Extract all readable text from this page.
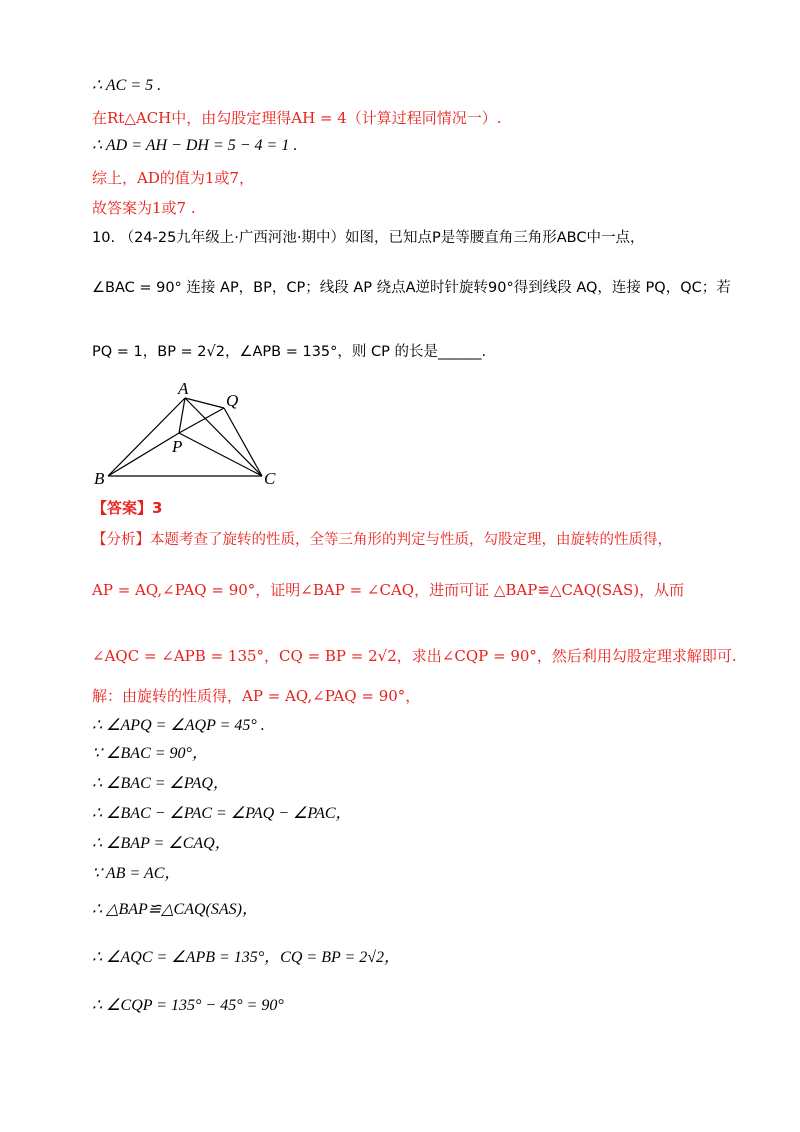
∴ AC = 5 .
在Rt△ACH中，由勾股定理得AH = 4（计算过程同情况一）.
∴ AD = AH − DH = 5 − 4 = 1 .
综上，AD的值为1或7，
故答案为1或7 .
10. （24-25九年级上·广西河池·期中）如图，已知点P是等腰直角三角形ABC中一点，
∠BAC = 90° 连接 AP，BP，CP；线段 AP 绕点A逆时针旋转90°得到线段 AQ，连接 PQ，QC；若
PQ = 1，BP = 2√2，∠APB = 135°，则 CP 的长是______.
A
Q
P
B	C
【答案】3
【分析】本题考查了旋转的性质，全等三角形的判定与性质，勾股定理，由旋转的性质得，
AP = AQ,∠PAQ = 90°，证明∠BAP = ∠CAQ，进而可证 △BAP≌△CAQ(SAS)，从而
∠AQC = ∠APB = 135°，CQ = BP = 2√2，求出∠CQP = 90°，然后利用勾股定理求解即可.
解：由旋转的性质得，AP = AQ,∠PAQ = 90°，
∴ ∠APQ = ∠AQP = 45° .
∵ ∠BAC = 90°，
∴ ∠BAC = ∠PAQ，
∴ ∠BAC − ∠PAC = ∠PAQ − ∠PAC，
∴ ∠BAP = ∠CAQ，
∵ AB = AC，
∴ △BAP≌△CAQ(SAS)，
∴ ∠AQC = ∠APB = 135°，CQ = BP = 2√2，
∴ ∠CQP = 135° − 45° = 90°
